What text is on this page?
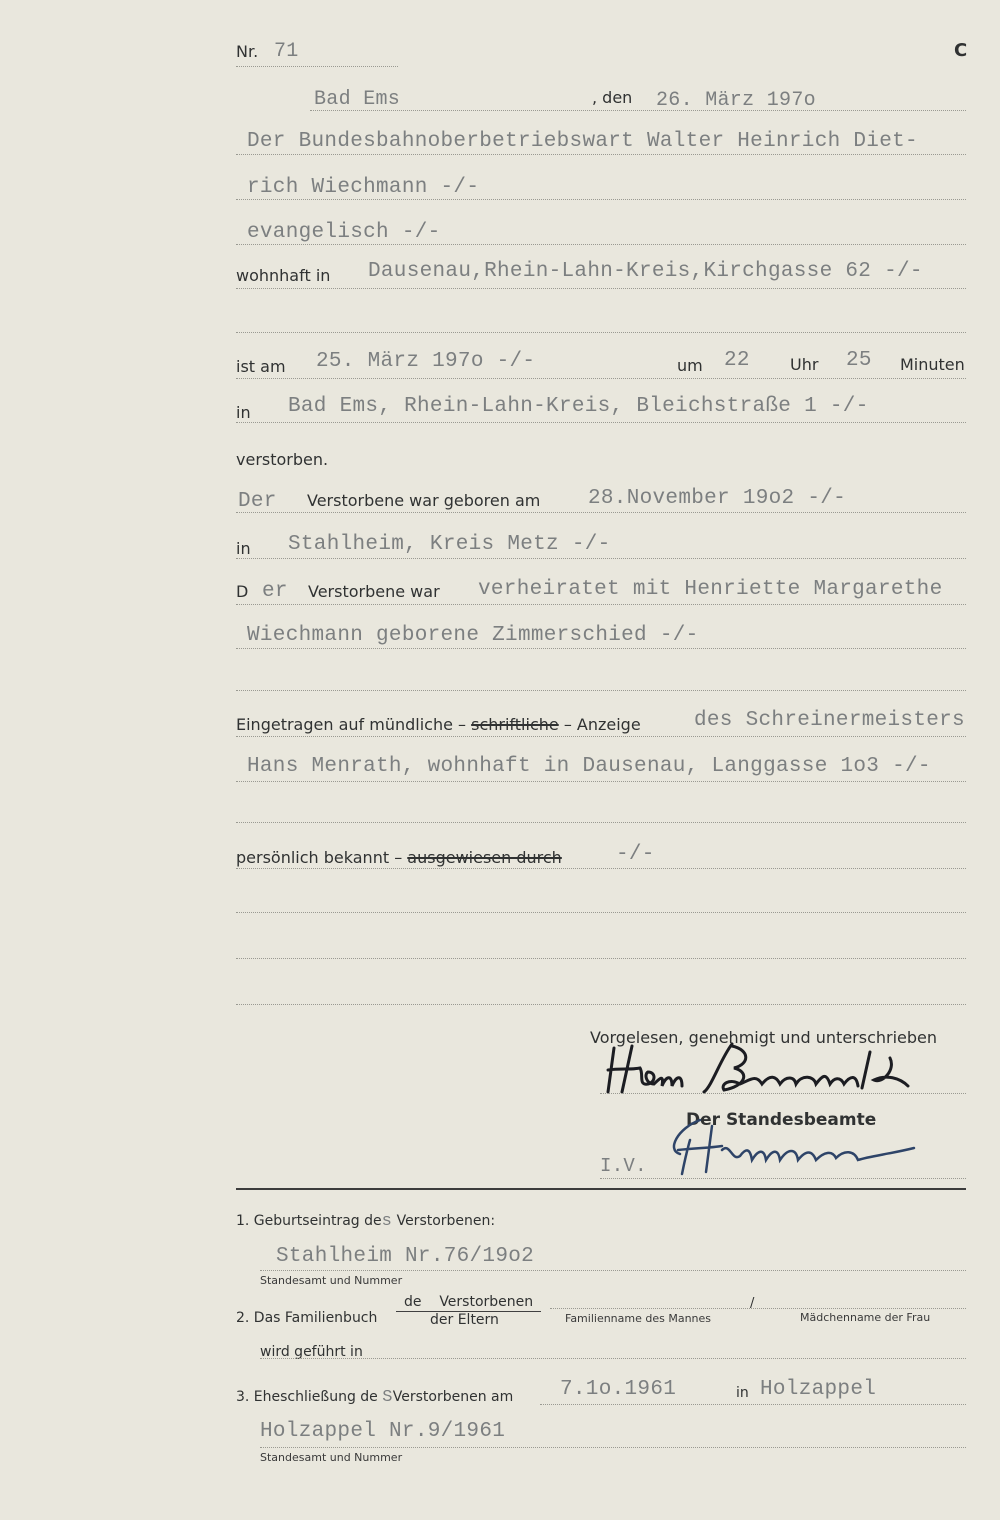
Nr. 71	C
Bad Ems	, den 26. März 197o
Der Bundesbahnoberbetriebswart Walter Heinrich Diet-
rich Wiechmann -/-
evangelisch -/-
wohnhaft in Dausenau,Rhein-Lahn-Kreis,Kirchgasse 62 -/-
ist am 25. März 197o -/-	um 22	Uhr 25 Minuten
in Bad Ems, Rhein-Lahn-Kreis, Bleichstraße 1 -/-
verstorben.
Der Verstorbene war geboren am 28.November 19o2 -/-
in Stahlheim, Kreis Metz -/-
D er Verstorbene war verheiratet mit Henriette Margarethe
Wiechmann geborene Zimmerschied -/-
Eingetragen auf mündliche – schriftliche – Anzeige	des Schreinermeisters
Hans Menrath, wohnhaft in Dausenau, Langgasse 1o3 -/-
persönlich bekannt – ausgewiesen durch	-/-
Vorgelesen, genehmigt und unterschrieben
Der Standesbeamte
I.V.
1. Geburtseintrag des Verstorbenen:
Stahlheim Nr.76/19o2
Standesamt und Nummer
2. Das Familienbuch
de Verstorbenen
der Eltern	Familienname des Mannes
/
Mädchenname der Frau
wird geführt in
3. Eheschließung de SVerstorbenen am 7.1o.1961	in Holzappel
Holzappel Nr.9/1961
Standesamt und Nummer
